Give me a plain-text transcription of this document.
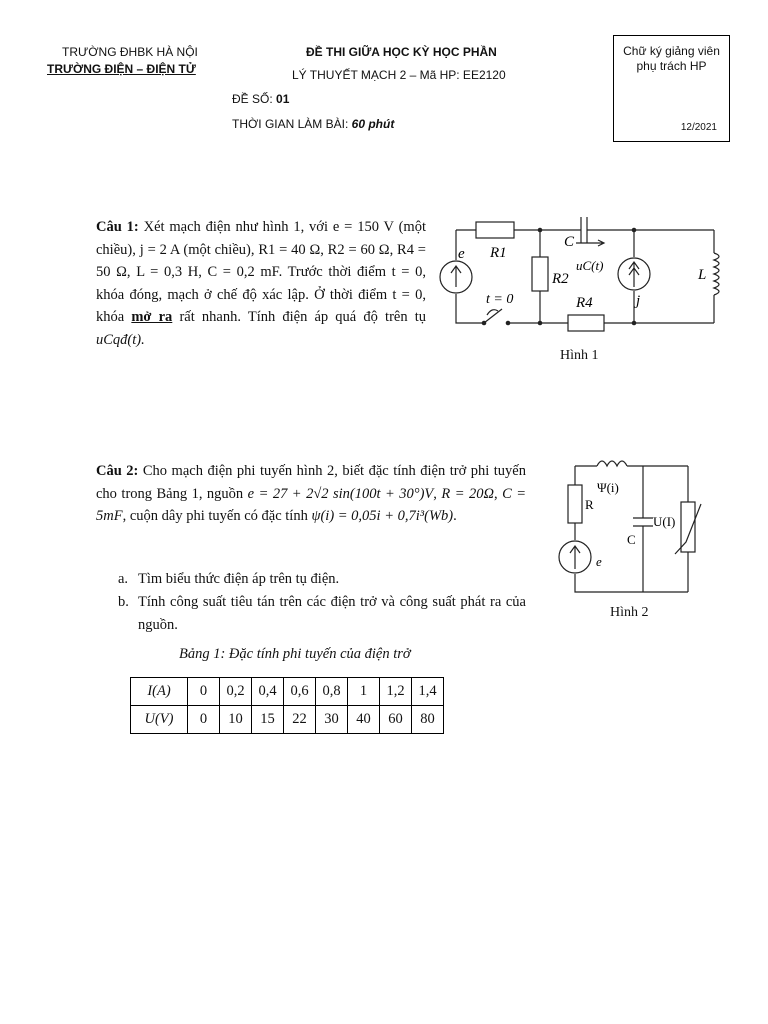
TRƯỜNG ĐHBK HÀ NỘI
TRƯỜNG ĐIỆN – ĐIỆN TỬ
ĐỀ THI GIỮA HỌC KỲ HỌC PHẦN
LÝ THUYẾT MẠCH 2 – Mã HP: EE2120
ĐỀ SỐ: 01
THỜI GIAN LÀM BÀI: 60 phút
Chữ ký giảng viên
phụ trách HP
12/2021
Câu 1: Xét mạch điện như hình 1, với e = 150 V (một chiều), j = 2 A (một chiều), R1 = 40 Ω, R2 = 60 Ω, R4 = 50 Ω, L = 0,3 H, C = 0,2 mF. Trước thời điểm t = 0, khóa đóng, mạch ở chế độ xác lập. Ở thời điểm t = 0, khóa mở ra rất nhanh. Tính điện áp quá độ trên tụ uCqđ(t).
e R1
C
uC(t)
R2
j
L
t = 0	R4
Hình 1
Câu 2: Cho mạch điện phi tuyến hình 2, biết đặc tính điện trở phi tuyến cho trong Bảng 1, nguồn e = 27 + 2√2 sin(100t + 30°)V, R = 20Ω, C = 5mF, cuộn dây phi tuyến có đặc tính ψ(i) = 0,05i + 0,7i³(Wb).
a. Tìm biểu thức điện áp trên tụ điện.
b. Tính công suất tiêu tán trên các điện trở và công suất phát ra của nguồn.
Ψ(i)
R
C
U(I)
e
Hình 2
Bảng 1: Đặc tính phi tuyến của điện trở
I(A)	0	0,2	0,4	0,6	0,8	1	1,2	1,4
U(V)	0	10	15	22	30	40	60	80
